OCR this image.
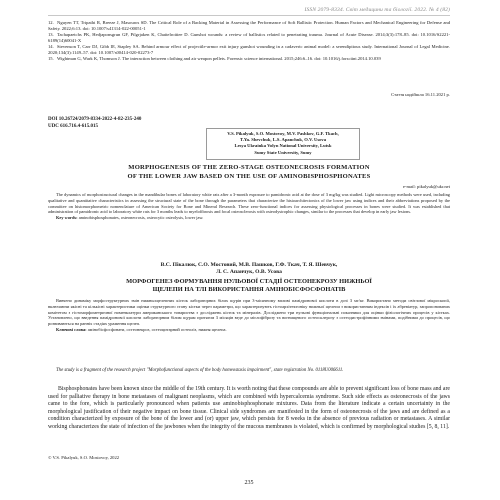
ISSN 2079-8334. Світ медицини та біології. 2022. № 4 (82)

12. Nguyen TT, Tripathi R, Breeze J, Masouros SD. The Critical Role of a Backing Material in Assessing the Performance of Soft Ballistic Protection. Human Factors and Mechanical Engineering for Defense and Safety. 2022;6:13. doi: 10.1007/s41314-022-00051-1

13. Tachapaetchs PK, Hedjaponsgrun GF, Pilgrjaken K, Chaitelroitiee D. Gunshot wounds: a review of ballistics related to penetrating trauma. Journal of Acute Disease. 2014;3(3):178–85. doi: 10.1016/S2221-6189(14)60041-X

14. Stevenson T, Carr DJ, Gibb IE, Stapley SA. Behind armour effect of projectile-armor exit injury gunshot wounding in a cadaveric animal model: a serendipitous study. International Journal of Legal Medicine. 2020;134(3):1149–57. doi: 10.1007/s00414-020-02273-7

15. Wightman G, Wark K, Thomson J. The interaction between clothing and air weapon pellets. Forensic science international. 2015;246:6–16. doi: 10.1016/j.forsciint.2014.10.039

Стаття надійшла 16.11.2021 р.
DOI 10.26724/2079-8334-2022-4-82-235-240
UDC 616.716.4-615.015
V.S. Pikalyuk, S.O. Mostovoy, M.V. Pashkov, G.F. Tkach,
T.Ya. Shevchuk, L.S. Apanchuk, O.V. Usova
Lesya Ukrainka Volyn National University, Lutsk
Sumy State University, Sumy
MORPHOGENESIS OF THE ZERO-STAGE OSTEONECROSIS FORMATION
OF THE LOWER JAW BASED ON THE USE OF AMINOBISPHOSPHONATES
e-mail: pikalyuk@ukr.net

The dynamics of morphostructural changes in the mandibular bones of laboratory white rats after a 3-month exposure to pamidronic acid at the dose of 3 mg/kg was studied. Light microscopy methods were used, including qualitative and quantitative characteristics in assessing the structural state of the bone through the parameters that characterize the histoarchitectonics of the lower jaw using indices and their abbreviations proposed by the committee on histomorphometric nomenclature of American Society for Bone and Mineral Research. These zero-functional indices for assessing physiological processes in bones were studied. It was established that administration of pamidronic acid to laboratory white rats for 3 months leads to myelofibrosis and focal osteosclerosis with osteodystrophic changes, similar to the processes that develop in early jaw lesions.

Key words: aminobisphosphonates, osteonecrosis, osteocytic osteolysis, lower jaw.

В.С. Пікалюк, С.О. Мостовий, М.В. Пашков, Г.Ф. Ткач, Т. Я. Шевчук,
Л. С. Апанчук, О.В. Усова
МОРФОГЕНЕЗ ФОРМУВАННЯ НУЛЬОВОЇ СТАДІЇ ОСТЕОНЕКРОЗУ НИЖНЬОЇ
ЩЕЛЕПИ НА ТЛІ ВИКОРИСТАННЯ АМІНОБІСФОСФОНАТІВ

Вивчено динаміку морфоструктурних змін нижньощелепних кісток лабораторних білих щурів при 3-місячному впливі памідронової кислоти в дозі 3 мг/кг. Використано методи світлової мікроскопії, включаючи якісні та кількісні характеристики оцінки структурного стану кістки через параметри, що характеризують гістоархітектоніку нижньої щелепи з використанням індексів і їх абревіатур, запропонованих комітетом з гістоморфометричної номенклатури американського товариства з досліджень кісток та мінералів. Досліджено три нульові функціональні показники для оцінки фізіологічних процесів у кістках. Установлено, що введення памідронової кислоти лабораторним білим щурам протягом 3 місяців веде до мієлофіброзу та вогнищевого остеосклерозу з остеодистрофічними змінами, подібними до процесів, що розвиваються на ранніх стадіях ураження щелеп.

Ключові слова: амінобісфосфонати, остеонекроз, остеоцитарний остеоліз, нижня щелепа.

The study is a fragment of the research project "Morphofunctional aspects of the body homeostasis impairment", state registration No. 0118U006611.

Bisphosphonates have been known since the middle of the 19th century. It is worth noting that these compounds are able to prevent significant loss of bone mass and are used for palliative therapy in bone metastases of malignant neoplasms, which are combined with hypercalcemia syndrome. Such side effects as osteonecrosis of the jaws came to the fore, which is particularly pronounced when patients use aminobisphosphonate mixtures. Data from the literature indicate a certain uncertainty in the morphological justification of their negative impact on bone tissue. Clinical side syndromes are manifested in the form of osteonecrosis of the jaws and are defined as a condition characterized by exposure of the bone of the lower and (or) upper jaw, which persists for 8 weeks in the absence of previous radiation or metastases. A similar working characterizes the state of infection of the jawbones when the integrity of the mucous membranes is violated, which is confirmed by morphological studies [5, 8, 11].

© V.S. Pikalyuk, S.O. Mostovoy, 2022
235
